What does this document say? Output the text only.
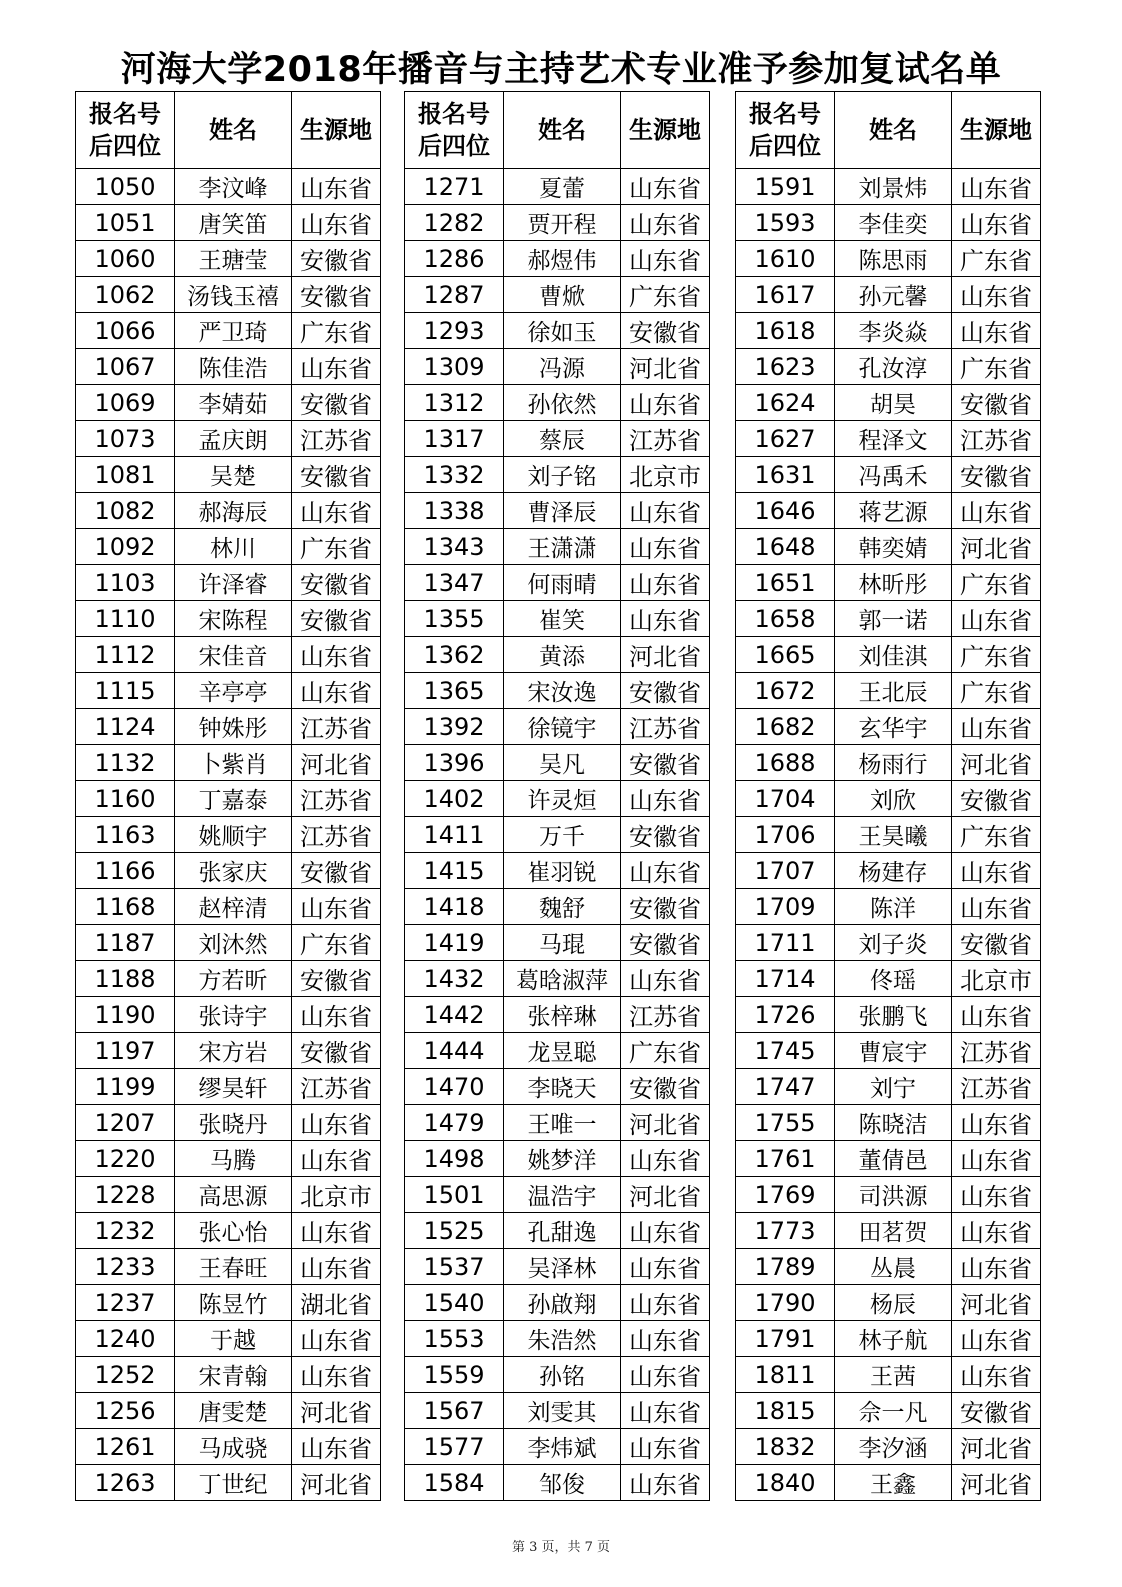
河海大学2018年播音与主持艺术专业准予参加复试名单
报名号
后四位	姓名	生源地
1050	李汶峰	山东省
1051	唐笑笛	山东省
1060	王瑭莹	安徽省
1062	汤钱玉禧	安徽省
1066	严卫琦	广东省
1067	陈佳浩	山东省
1069	李婧茹	安徽省
1073	孟庆朗	江苏省
1081	吴楚	安徽省
1082	郝海辰	山东省
1092	林川	广东省
1103	许泽睿	安徽省
1110	宋陈程	安徽省
1112	宋佳音	山东省
1115	辛亭亭	山东省
1124	钟姝彤	江苏省
1132	卜紫肖	河北省
1160	丁嘉泰	江苏省
1163	姚顺宇	江苏省
1166	张家庆	安徽省
1168	赵梓清	山东省
1187	刘沐然	广东省
1188	方若昕	安徽省
1190	张诗宇	山东省
1197	宋方岩	安徽省
1199	缪昊轩	江苏省
1207	张晓丹	山东省
1220	马腾	山东省
1228	高思源	北京市
1232	张心怡	山东省
1233	王春旺	山东省
1237	陈昱竹	湖北省
1240	于越	山东省
1252	宋青翰	山东省
1256	唐雯楚	河北省
1261	马成骁	山东省
1263	丁世纪	河北省
报名号
后四位	姓名	生源地
1271	夏蕾	山东省
1282	贾开程	山东省
1286	郝煜伟	山东省
1287	曹焮	广东省
1293	徐如玉	安徽省
1309	冯源	河北省
1312	孙依然	山东省
1317	蔡辰	江苏省
1332	刘子铭	北京市
1338	曹泽辰	山东省
1343	王潇潇	山东省
1347	何雨晴	山东省
1355	崔笑	山东省
1362	黄添	河北省
1365	宋汝逸	安徽省
1392	徐镜宇	江苏省
1396	吴凡	安徽省
1402	许灵烜	山东省
1411	万千	安徽省
1415	崔羽锐	山东省
1418	魏舒	安徽省
1419	马琨	安徽省
1432	葛晗淑萍	山东省
1442	张梓琳	江苏省
1444	龙昱聪	广东省
1470	李晓天	安徽省
1479	王唯一	河北省
1498	姚梦洋	山东省
1501	温浩宇	河北省
1525	孔甜逸	山东省
1537	吴泽林	山东省
1540	孙啟翔	山东省
1553	朱浩然	山东省
1559	孙铭	山东省
1567	刘雯其	山东省
1577	李炜斌	山东省
1584	邹俊	山东省
报名号
后四位	姓名	生源地
1591	刘景炜	山东省
1593	李佳奕	山东省
1610	陈思雨	广东省
1617	孙元馨	山东省
1618	李炎焱	山东省
1623	孔汝淳	广东省
1624	胡昊	安徽省
1627	程泽文	江苏省
1631	冯禹禾	安徽省
1646	蒋艺源	山东省
1648	韩奕婧	河北省
1651	林昕彤	广东省
1658	郭一诺	山东省
1665	刘佳淇	广东省
1672	王北辰	广东省
1682	玄华宇	山东省
1688	杨雨行	河北省
1704	刘欣	安徽省
1706	王昊曦	广东省
1707	杨建存	山东省
1709	陈洋	山东省
1711	刘子炎	安徽省
1714	佟瑶	北京市
1726	张鹏飞	山东省
1745	曹宸宇	江苏省
1747	刘宁	江苏省
1755	陈晓洁	山东省
1761	董倩邑	山东省
1769	司洪源	山东省
1773	田茗贺	山东省
1789	丛晨	山东省
1790	杨辰	河北省
1791	林子航	山东省
1811	王茜	山东省
1815	佘一凡	安徽省
1832	李汐涵	河北省
1840	王鑫	河北省
第 3 页，共 7 页
